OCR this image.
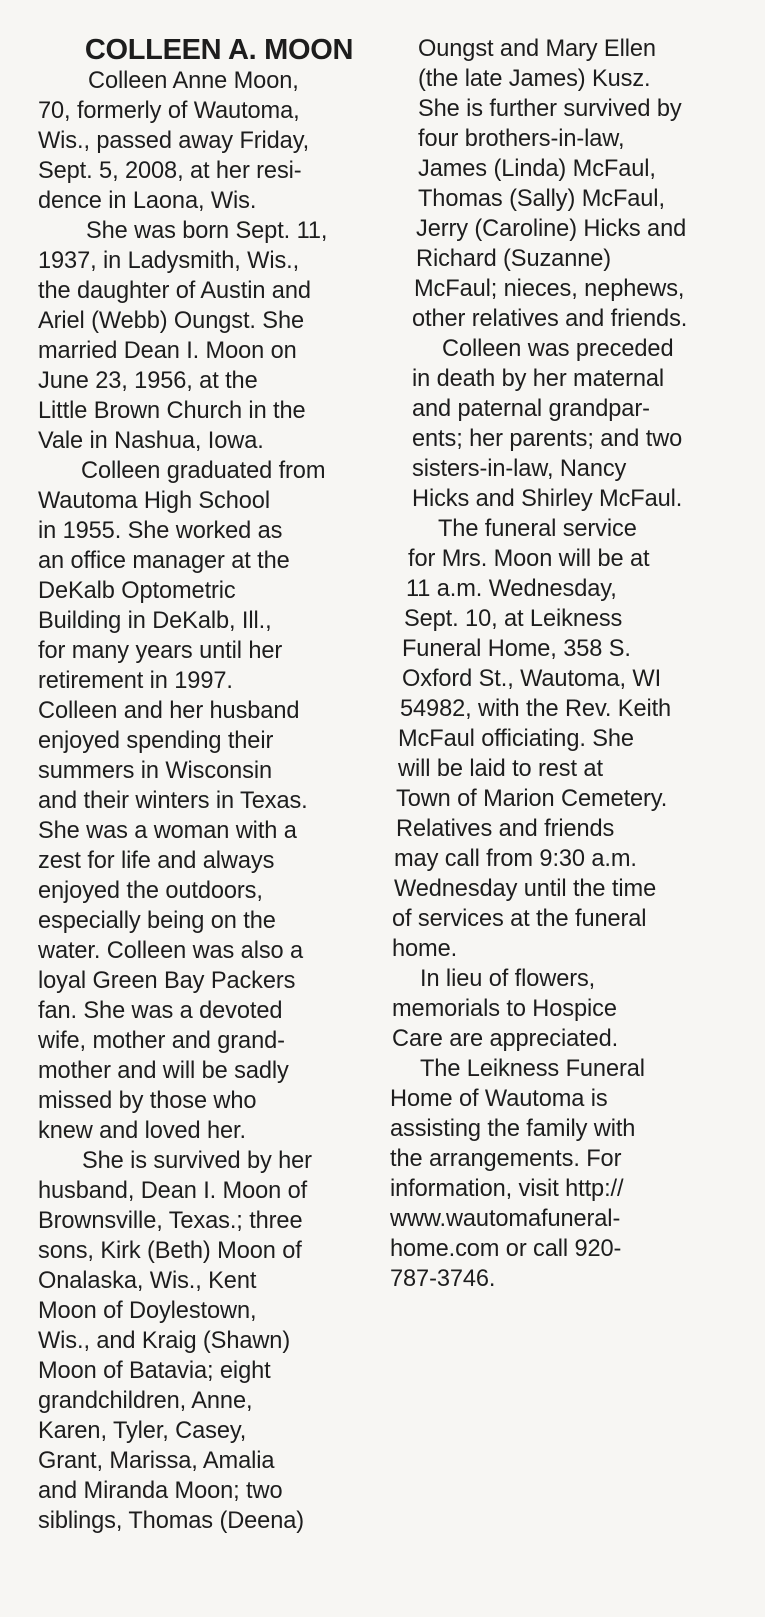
COLLEEN A. MOON
Colleen Anne Moon,
70, formerly of Wautoma,
Wis., passed away Friday,
Sept. 5, 2008, at her resi-
dence in Laona, Wis.
She was born Sept. 11,
1937, in Ladysmith, Wis.,
the daughter of Austin and
Ariel (Webb) Oungst. She
married Dean I. Moon on
June 23, 1956, at the
Little Brown Church in the
Vale in Nashua, Iowa.
Colleen graduated from
Wautoma High School
in 1955. She worked as
an office manager at the
DeKalb Optometric
Building in DeKalb, Ill.,
for many years until her
retirement in 1997.
Colleen and her husband
enjoyed spending their
summers in Wisconsin
and their winters in Texas.
She was a woman with a
zest for life and always
enjoyed the outdoors,
especially being on the
water. Colleen was also a
loyal Green Bay Packers
fan. She was a devoted
wife, mother and grand-
mother and will be sadly
missed by those who
knew and loved her.
She is survived by her
husband, Dean I. Moon of
Brownsville, Texas.; three
sons, Kirk (Beth) Moon of
Onalaska, Wis., Kent
Moon of Doylestown,
Wis., and Kraig (Shawn)
Moon of Batavia; eight
grandchildren, Anne,
Karen, Tyler, Casey,
Grant, Marissa, Amalia
and Miranda Moon; two
siblings, Thomas (Deena)
Oungst and Mary Ellen
(the late James) Kusz.
She is further survived by
four brothers-in-law,
James (Linda) McFaul,
Thomas (Sally) McFaul,
Jerry (Caroline) Hicks and
Richard (Suzanne)
McFaul; nieces, nephews,
other relatives and friends.
Colleen was preceded
in death by her maternal
and paternal grandpar-
ents; her parents; and two
sisters-in-law, Nancy
Hicks and Shirley McFaul.
The funeral service
for Mrs. Moon will be at
11 a.m. Wednesday,
Sept. 10, at Leikness
Funeral Home, 358 S.
Oxford St., Wautoma, WI
54982, with the Rev. Keith
McFaul officiating. She
will be laid to rest at
Town of Marion Cemetery.
Relatives and friends
may call from 9:30 a.m.
Wednesday until the time
of services at the funeral
home.
In lieu of flowers,
memorials to Hospice
Care are appreciated.
The Leikness Funeral
Home of Wautoma is
assisting the family with
the arrangements. For
information, visit http://
www.wautomafuneral-
home.com or call 920-
787-3746.
